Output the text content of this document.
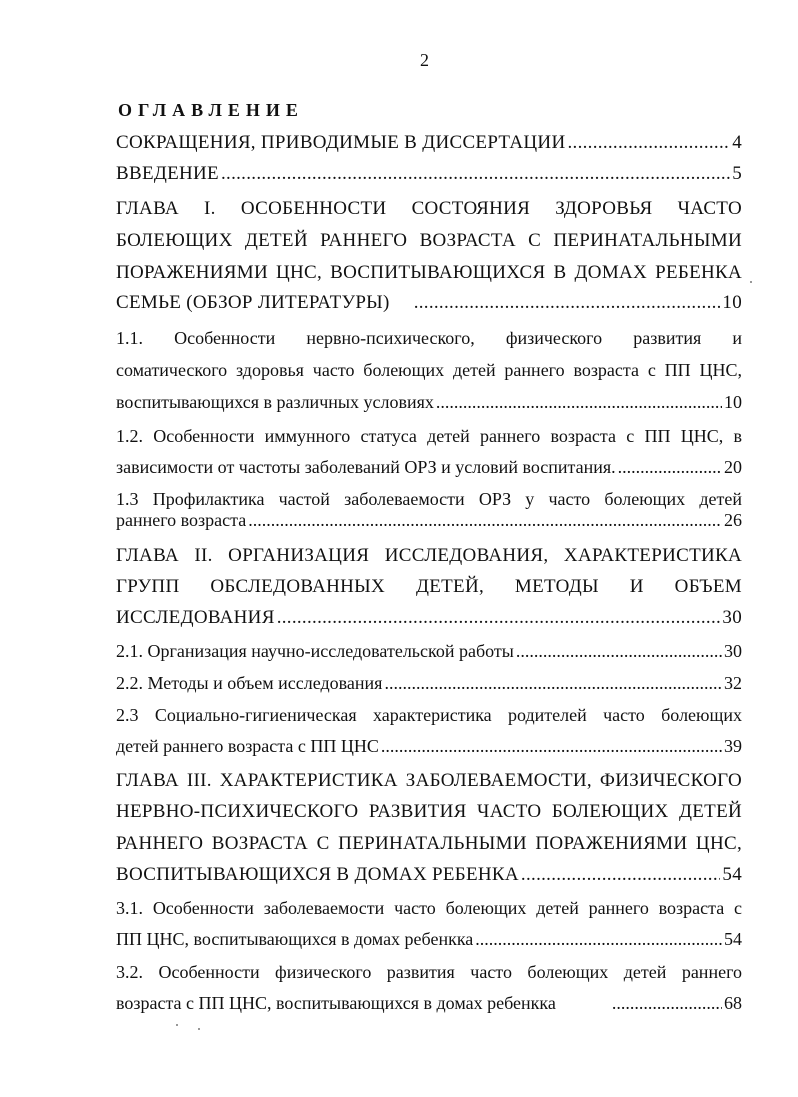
2
ОГЛАВЛЕНИЕ
СОКРАЩЕНИЯ, ПРИВОДИМЫЕ В ДИССЕРТАЦИИ .....	4
ВВЕДЕНИЕ .....	5
ГЛАВА I. ОСОБЕННОСТИ СОСТОЯНИЯ ЗДОРОВЬЯ ЧАСТО
БОЛЕЮЩИХ ДЕТЕЙ РАННЕГО ВОЗРАСТА С ПЕРИНАТАЛЬНЫМИ
ПОРАЖЕНИЯМИ ЦНС, ВОСПИТЫВАЮЩИХСЯ В ДОМАХ РЕБЕНКА
СЕМЬЕ (ОБЗОР ЛИТЕРАТУРЫ) .....	10
1.1. Особенности нервно-психического, физического развития и
соматического здоровья часто болеющих детей раннего возраста с ПП ЦНС,
воспитывающихся в различных условиях .....	10
1.2. Особенности иммунного статуса детей раннего возраста с ПП ЦНС, в
зависимости от частоты заболеваний ОРЗ и условий воспитания. .....	20
1.3 Профилактика частой заболеваемости ОРЗ у часто болеющих детей
раннего возраста .....	26
ГЛАВА II. ОРГАНИЗАЦИЯ ИССЛЕДОВАНИЯ, ХАРАКТЕРИСТИКА
ГРУПП ОБСЛЕДОВАННЫХ ДЕТЕЙ, МЕТОДЫ И ОБЪЕМ
ИССЛЕДОВАНИЯ .....	30
2.1. Организация научно-исследовательской работы .....	30
2.2. Методы и объем исследования .....	32
2.3 Социально-гигиеническая характеристика родителей часто болеющих
детей раннего возраста с ПП ЦНС .....	39
ГЛАВА III. ХАРАКТЕРИСТИКА ЗАБОЛЕВАЕМОСТИ, ФИЗИЧЕСКОГО
НЕРВНО-ПСИХИЧЕСКОГО РАЗВИТИЯ ЧАСТО БОЛЕЮЩИХ ДЕТЕЙ
РАННЕГО ВОЗРАСТА С ПЕРИНАТАЛЬНЫМИ ПОРАЖЕНИЯМИ ЦНС,
ВОСПИТЫВАЮЩИХСЯ В ДОМАХ РЕБЕНКА .....	54
3.1. Особенности заболеваемости часто болеющих детей раннего возраста с
ПП ЦНС, воспитывающихся в домах ребенкка .....	54
3.2. Особенности физического развития часто болеющих детей раннего
возраста с ПП ЦНС, воспитывающихся в домах ребенкка .....	68
